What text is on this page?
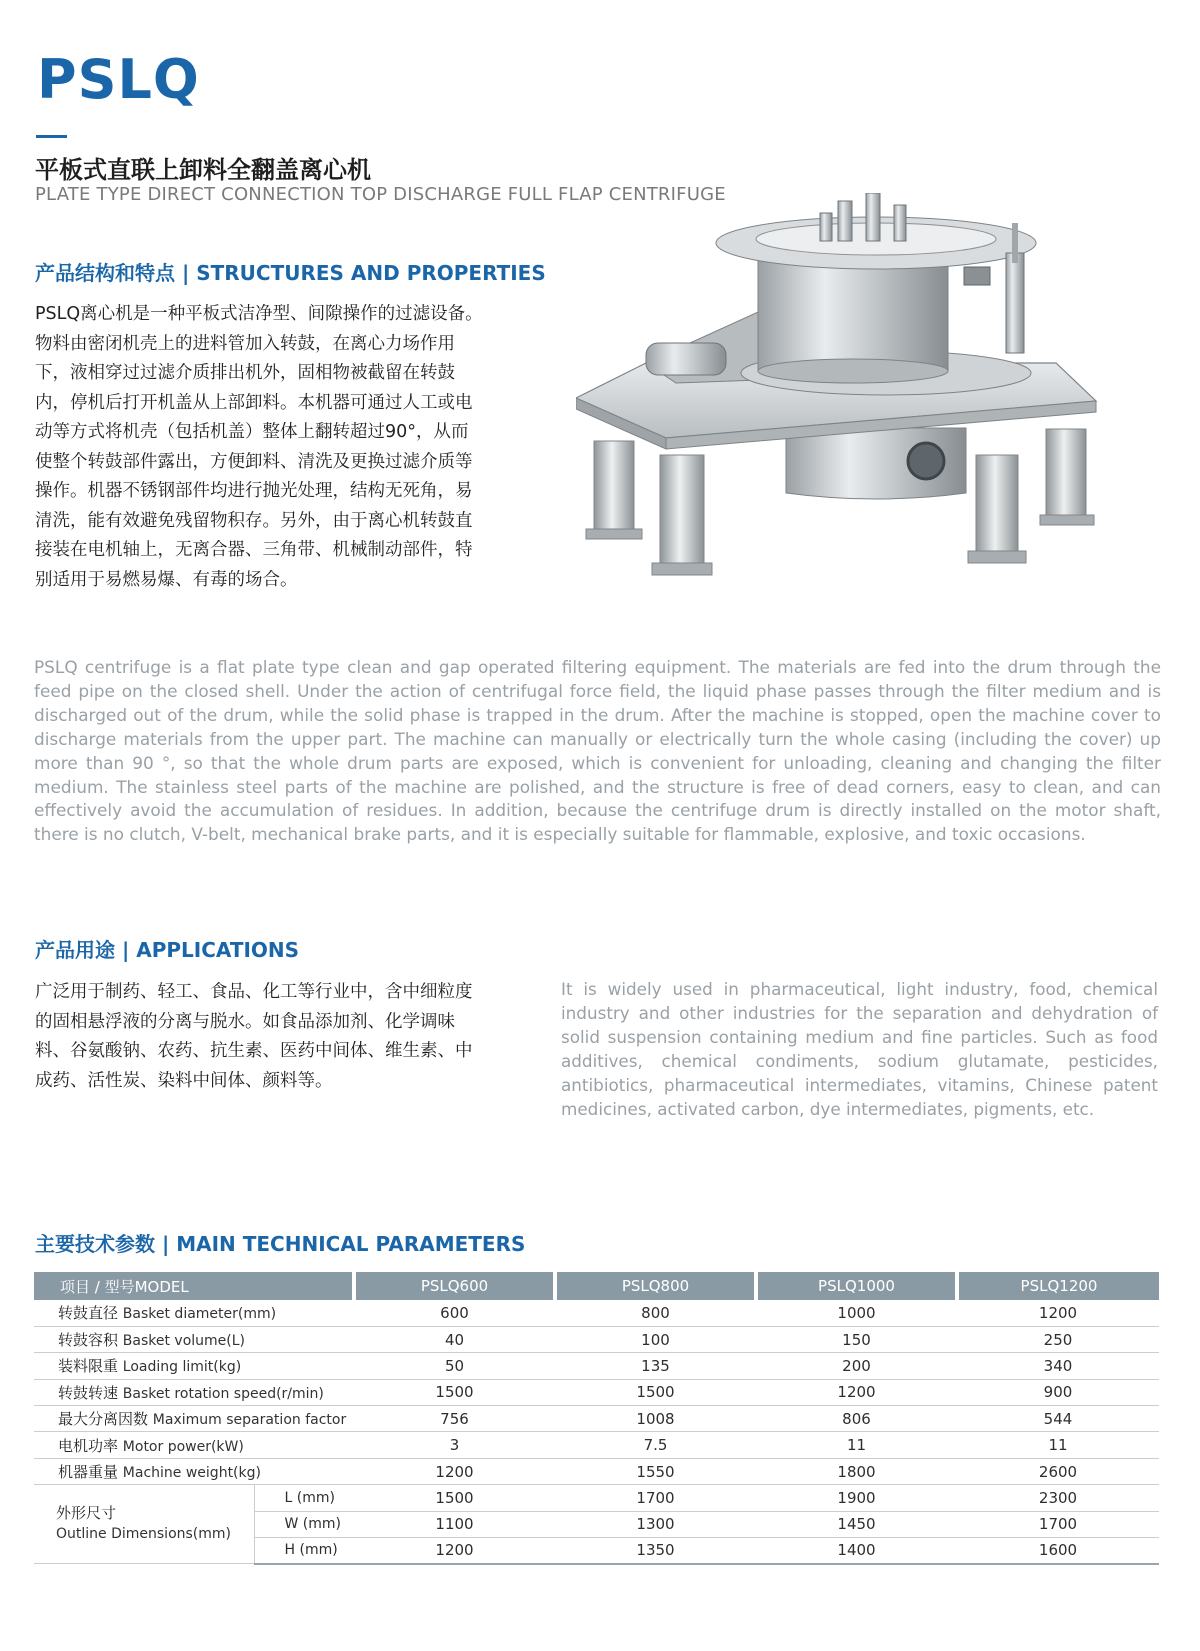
PSLQ
平板式直联上卸料全翻盖离心机
PLATE TYPE DIRECT CONNECTION TOP DISCHARGE FULL FLAP CENTRIFUGE
产品结构和特点 | STRUCTURES AND PROPERTIES
PSLQ离心机是一种平板式洁净型、间隙操作的过滤设备。物料由密闭机壳上的进料管加入转鼓，在离心力场作用下，液相穿过过滤介质排出机外，固相物被截留在转鼓内，停机后打开机盖从上部卸料。本机器可通过人工或电动等方式将机壳（包括机盖）整体上翻转超过90°，从而使整个转鼓部件露出，方便卸料、清洗及更换过滤介质等操作。机器不锈钢部件均进行抛光处理，结构无死角，易清洗，能有效避免残留物积存。另外，由于离心机转鼓直接装在电机轴上，无离合器、三角带、机械制动部件，特别适用于易燃易爆、有毒的场合。
PSLQ centrifuge is a flat plate type clean and gap operated filtering equipment. The materials are fed into the drum through the feed pipe on the closed shell. Under the action of centrifugal force field, the liquid phase passes through the filter medium and is discharged out of the drum, while the solid phase is trapped in the drum. After the machine is stopped, open the machine cover to discharge materials from the upper part. The machine can manually or electrically turn the whole casing (including the cover) up more than 90 °, so that the whole drum parts are exposed, which is convenient for unloading, cleaning and changing the filter medium. The stainless steel parts of the machine are polished, and the structure is free of dead corners, easy to clean, and can effectively avoid the accumulation of residues. In addition, because the centrifuge drum is directly installed on the motor shaft, there is no clutch, V-belt, mechanical brake parts, and it is especially suitable for flammable, explosive, and toxic occasions.
产品用途 | APPLICATIONS
广泛用于制药、轻工、食品、化工等行业中，含中细粒度的固相悬浮液的分离与脱水。如食品添加剂、化学调味料、谷氨酸钠、农药、抗生素、医药中间体、维生素、中成药、活性炭、染料中间体、颜料等。
It is widely used in pharmaceutical, light industry, food, chemical industry and other industries for the separation and dehydration of solid suspension containing medium and fine particles. Such as food additives, chemical condiments, sodium glutamate, pesticides, antibiotics, pharmaceutical intermediates, vitamins, Chinese patent medicines, activated carbon, dye intermediates, pigments, etc.
主要技术参数 | MAIN TECHNICAL PARAMETERS
项目 / 型号MODEL		PSLQ600	PSLQ800	PSLQ1000	PSLQ1200
转鼓直径 Basket diameter(mm)		600	800	1000	1200
转鼓容积 Basket volume(L)		40	100	150	250
装料限重 Loading limit(kg)		50	135	200	340
转鼓转速 Basket rotation speed(r/min)		1500	1500	1200	900
最大分离因数 Maximum separation factor		756	1008	806	544
电机功率 Motor power(kW)		3	7.5	11	11
机器重量 Machine weight(kg)		1200	1550	1800	2600

外形尺寸
Outline Dimensions(mm)	L (mm)	1500	1700	1900	2300
	W (mm)	1100	1300	1450	1700
	H (mm)	1200	1350	1400	1600
